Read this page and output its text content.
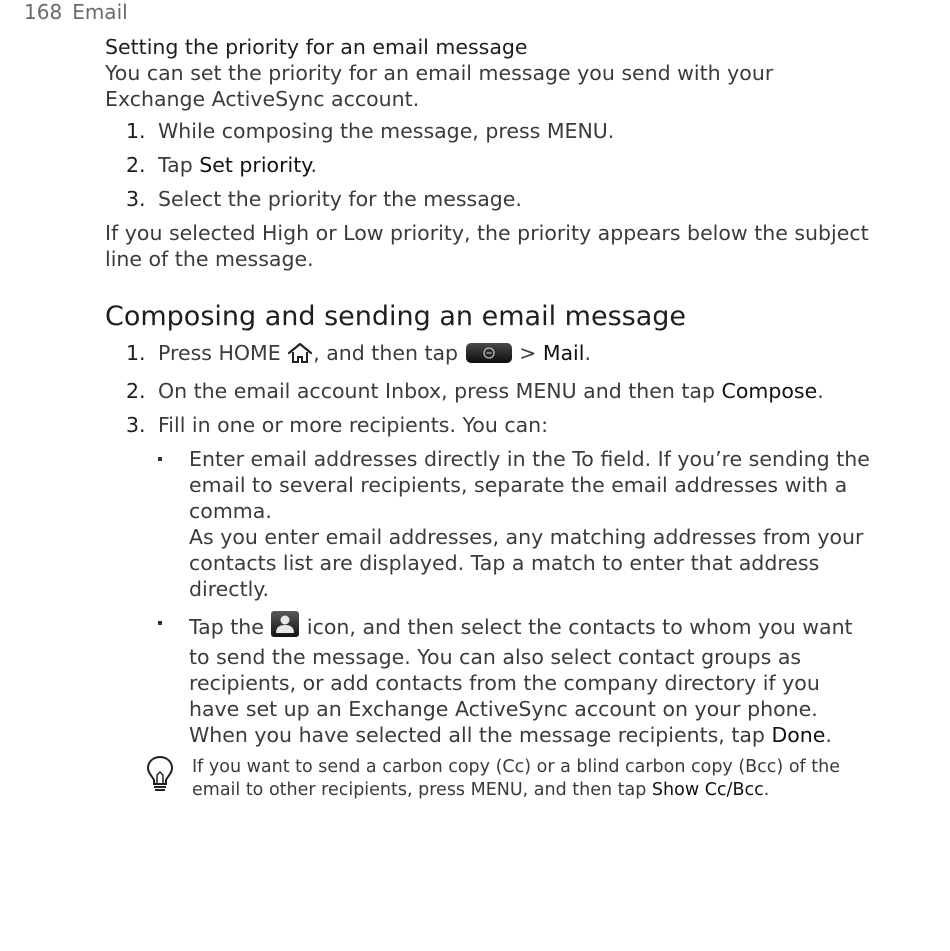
168 Email
Setting the priority for an email message

You can set the priority for an email message you send with your Exchange ActiveSync account.

1. While composing the message, press MENU.
2. Tap Set priority.
3. Select the priority for the message.

If you selected High or Low priority, the priority appears below the subject line of the message.

Composing and sending an email message
1. Press HOME , and then tap  > Mail.
2. On the email account Inbox, press MENU and then tap Compose.
3. Fill in one or more recipients. You can:
Enter email addresses directly in the To field. If you’re sending the email to several recipients, separate the email addresses with a comma.
As you enter email addresses, any matching addresses from your contacts list are displayed. Tap a match to enter that address directly.
Tap the  icon, and then select the contacts to whom you want to send the message. You can also select contact groups as recipients, or add contacts from the company directory if you have set up an Exchange ActiveSync account on your phone. When you have selected all the message recipients, tap Done.
If you want to send a carbon copy (Cc) or a blind carbon copy (Bcc) of the email to other recipients, press MENU, and then tap Show Cc/Bcc.
